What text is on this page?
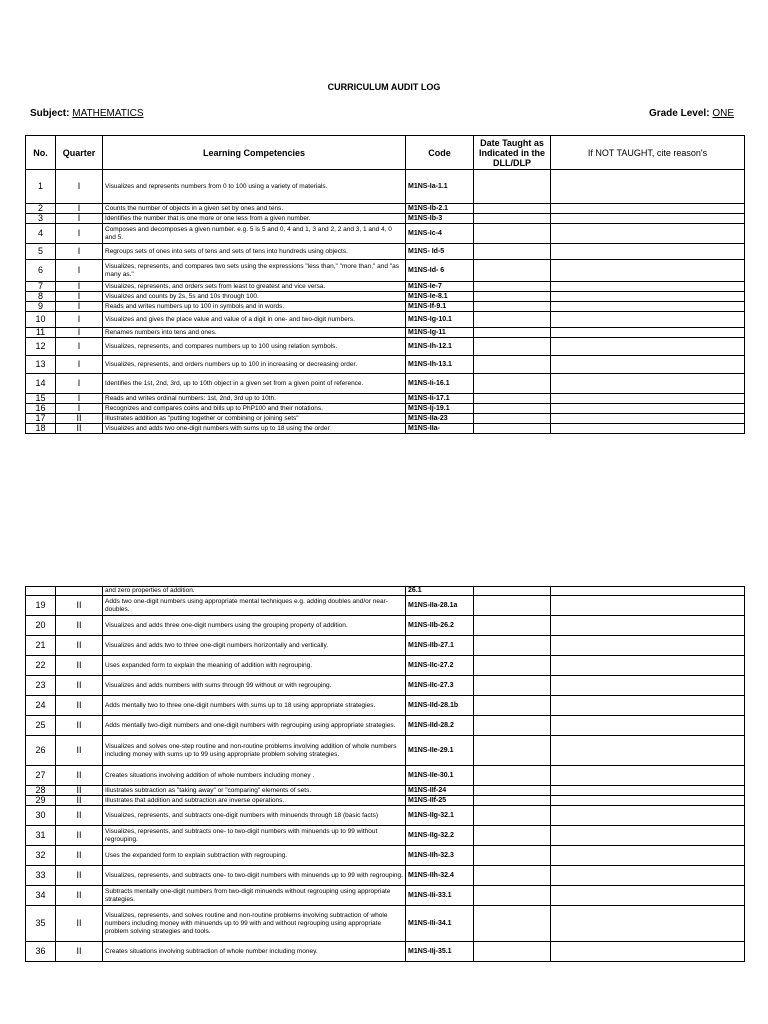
CURRICULUM AUDIT LOG
Subject: MATHEMATICS	Grade Level: ONE
No.	Quarter	Learning Competencies	Code	Date Taught as Indicated in the DLL/DLP	If NOT TAUGHT, cite reason's
1	I	Visualizes and represents numbers from 0 to 100 using a variety of materials.	M1NS-Ia-1.1		
2	I	Counts the number of objects in a given set by ones and tens.	M1NS-Ib-2.1		
3	I	Identifies the number that is one more or one less from a given number.	M1NS-Ib-3		
4	I	Composes and decomposes a given number. e.g. 5 is 5 and 0, 4 and 1, 3 and 2, 2 and 3, 1 and 4, 0 and 5.	M1NS-Ic-4		
5	I	Regroups sets of ones into sets of tens and sets of tens into hundreds using objects.	M1NS- Id-5		
6	I	Visualizes, represents, and compares two sets using the expressions "less than," "more than," and "as many as."	M1NS-Id- 6		
7	I	Visualizes, represents, and orders sets from least to greatest and vice versa.	M1NS-Ie-7		
8	I	Visualizes and counts by 2s, 5s and 10s through 100.	M1NS-Ie-8.1		
9	I	Reads and writes numbers up to 100 in symbols and in words.	M1NS-If-9.1		
10	I	Visualizes and gives the place value and value of a digit in one- and two-digit numbers.	M1NS-Ig-10.1		
11	I	Renames numbers into tens and ones.	M1NS-Ig-11		
12	I	Visualizes, represents, and compares numbers up to 100 using relation symbols.	M1NS-Ih-12.1		
13	I	Visualizes, represents, and orders numbers up to 100 in increasing or decreasing order.	M1NS-Ih-13.1		
14	I	Identifies the 1st, 2nd, 3rd, up to 10th object in a given set from a given point of reference.	M1NS-Ii-16.1		
15	I	Reads and writes ordinal numbers: 1st, 2nd, 3rd up to 10th.	M1NS-Ii-17.1		
16	I	Recognizes and compares coins and bills up to PhP100 and their notations.	M1NS-Ij-19.1		
17	II	Illustrates addition as "putting together or combining or joining sets"	M1NS-IIa-23		
18	II	Visualizes and adds two one-digit numbers with sums up to 18 using the order	M1NS-IIa-		
		and zero properties of addition.	26.1		
19	II	Adds two one-digit numbers using appropriate mental techniques e.g. adding doubles and/or near-doubles.	M1NS-IIa-28.1a		
20	II	Visualizes and adds three one-digit numbers using the grouping property of addition.	M1NS-IIb-26.2		
21	II	Visualizes and adds two to three one-digit numbers horizontally and vertically.	M1NS-IIb-27.1		
22	II	Uses expanded form to explain the meaning of addition with regrouping.	M1NS-IIc-27.2		
23	II	Visualizes and adds numbers with sums through 99 without or with regrouping.	M1NS-IIc-27.3		
24	II	Adds mentally two to three one-digit numbers with sums up to 18 using appropriate strategies.	M1NS-IId-28.1b		
25	II	Adds mentally two-digit numbers and one-digit numbers with regrouping using appropriate strategies.	M1NS-IId-28.2		
26	II	Visualizes and solves one-step routine and non-routine problems involving addition of whole numbers including money with sums up to 99 using appropriate problem solving strategies.	M1NS-IIe-29.1		
27	II	Creates situations involving addition of whole numbers including money .	M1NS-IIe-30.1		
28	II	Illustrates subtraction as "taking away" or "comparing" elements of sets.	M1NS-IIf-24		
29	II	Illustrates that addition and subtraction are inverse operations.	M1NS-IIf-25		
30	II	Visualizes, represents, and subtracts one-digit numbers with minuends through 18 (basic facts)	M1NS-IIg-32.1		
31	II	Visualizes, represents, and subtracts one- to two-digit numbers with minuends up to 99 without regrouping.	M1NS-IIg-32.2		
32	II	Uses the expanded form to explain subtraction with regrouping.	M1NS-IIh-32.3		
33	II	Visualizes, represents, and subtracts one- to two-digit numbers with minuends up to 99 with regrouping.	M1NS-IIh-32.4		
34	II	Subtracts mentally one-digit numbers from two-digit minuends without regrouping using appropriate strategies.	M1NS-IIi-33.1		
35	II	Visualizes, represents, and solves routine and non-routine problems involving subtraction of whole numbers including money with minuends up to 99 with and without regrouping using appropriate problem solving strategies and tools.	M1NS-IIi-34.1		
36	II	Creates situations involving subtraction of whole number including money.	M1NS-IIj-35.1		
